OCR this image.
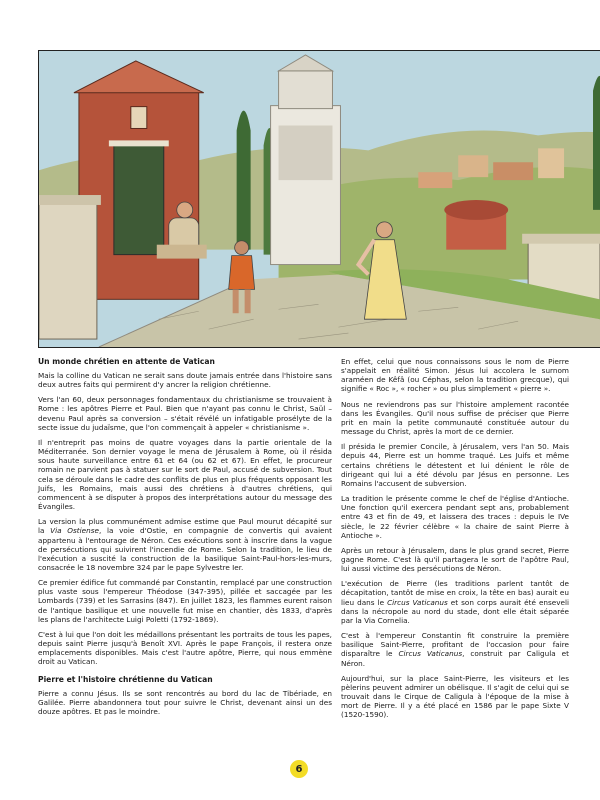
Un monde chrétien en attente de Vatican

Mais la colline du Vatican ne serait sans doute jamais entrée dans l'histoire sans deux autres faits qui permirent d'y ancrer la religion chrétienne.

Vers l'an 60, deux personnages fondamentaux du christianisme se trouvaient à Rome : les apôtres Pierre et Paul. Bien que n'ayant pas connu le Christ, Saül – devenu Paul après sa conversion – s'était révélé un infatigable prosélyte de la secte issue du judaïsme, que l'on commençait à appeler « christianisme ».

Il n'entreprit pas moins de quatre voyages dans la partie orientale de la Méditerranée. Son dernier voyage le mena de Jérusalem à Rome, où il résida sous haute surveillance entre 61 et 64 (ou 62 et 67). En effet, le procureur romain ne parvient pas à statuer sur le sort de Paul, accusé de subversion. Tout cela se déroule dans le cadre des conflits de plus en plus fréquents opposant les Juifs, les Romains, mais aussi des chrétiens à d'autres chrétiens, qui commencent à se disputer à propos des interprétations autour du message des Évangiles.

La version la plus communément admise estime que Paul mourut décapité sur la Via Ostiense, la voie d'Ostie, en compagnie de convertis qui avaient appartenu à l'entourage de Néron. Ces exécutions sont à inscrire dans la vague de persécutions qui suivirent l'incendie de Rome. Selon la tradition, le lieu de l'exécution a suscité la construction de la basilique Saint-Paul-hors-les-murs, consacrée le 18 novembre 324 par le pape Sylvestre Ier.

Ce premier édifice fut commandé par Constantin, remplacé par une construction plus vaste sous l'empereur Théodose (347-395), pillée et saccagée par les Lombards (739) et les Sarrasins (847). En juillet 1823, les flammes eurent raison de l'antique basilique et une nouvelle fut mise en chantier, dès 1833, d'après les plans de l'architecte Luigi Poletti (1792-1869).

C'est à lui que l'on doit les médaillons présentant les portraits de tous les papes, depuis saint Pierre jusqu'à Benoît XVI. Après le pape François, il restera onze emplacements disponibles. Mais c'est l'autre apôtre, Pierre, qui nous emmène droit au Vatican.

Pierre et l'histoire chrétienne du Vatican

Pierre a connu Jésus. Ils se sont rencontrés au bord du lac de Tibériade, en Galilée. Pierre abandonnera tout pour suivre le Christ, devenant ainsi un des douze apôtres. Et pas le moindre.

En effet, celui que nous connaissons sous le nom de Pierre s'appelait en réalité Simon. Jésus lui accolera le surnom araméen de Kêfâ (ou Céphas, selon la tradition grecque), qui signifie « Roc », « rocher » ou plus simplement « pierre ».

Nous ne reviendrons pas sur l'histoire amplement racontée dans les Évangiles. Qu'il nous suffise de préciser que Pierre prit en main la petite communauté constituée autour du message du Christ, après la mort de ce dernier.

Il présida le premier Concile, à Jérusalem, vers l'an 50. Mais depuis 44, Pierre est un homme traqué. Les Juifs et même certains chrétiens le détestent et lui dénient le rôle de dirigeant qui lui a été dévolu par Jésus en personne. Les Romains l'accusent de subversion.

La tradition le présente comme le chef de l'église d'Antioche. Une fonction qu'il exercera pendant sept ans, probablement entre 43 et fin de 49, et laissera des traces : depuis le IVe siècle, le 22 février célèbre « la chaire de saint Pierre à Antioche ».

Après un retour à Jérusalem, dans le plus grand secret, Pierre gagne Rome. C'est là qu'il partagera le sort de l'apôtre Paul, lui aussi victime des persécutions de Néron.

L'exécution de Pierre (les traditions parlent tantôt de décapitation, tantôt de mise en croix, la tête en bas) aurait eu lieu dans le Circus Vaticanus et son corps aurait été enseveli dans la nécropole au nord du stade, dont elle était séparée par la Via Cornelia.

C'est à l'empereur Constantin fit construire la première basilique Saint-Pierre, profitant de l'occasion pour faire disparaître le Circus Vaticanus, construit par Caligula et Néron.

Aujourd'hui, sur la place Saint-Pierre, les visiteurs et les pèlerins peuvent admirer un obélisque. Il s'agit de celui qui se trouvait dans le Cirque de Caligula à l'époque de la mise à mort de Pierre. Il y a été placé en 1586 par le pape Sixte V (1520-1590).

6
